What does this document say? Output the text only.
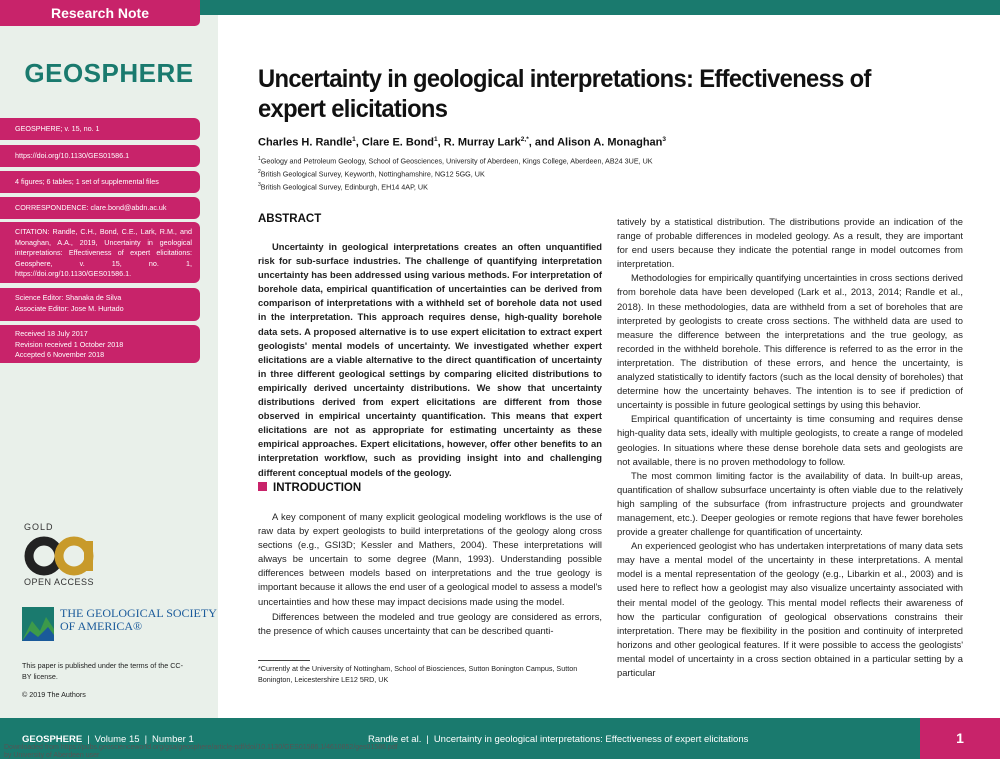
Research Note
GEOSPHERE
GEOSPHERE; v. 15, no. 1
https://doi.org/10.1130/GES01586.1
4 figures; 6 tables; 1 set of supplemental files
CORRESPONDENCE: clare.bond@abdn.ac.uk
CITATION: Randle, C.H., Bond, C.E., Lark, R.M., and Monaghan, A.A., 2019, Uncertainty in geological interpretations: Effectiveness of expert elicitations: Geosphere, v. 15, no. 1, https://doi.org/10.1130/GES01586.1.
Science Editor: Shanaka de Silva
Associate Editor: Jose M. Hurtado
Received 18 July 2017
Revision received 1 October 2018
Accepted 6 November 2018
GOLD
OPEN ACCESS
THE GEOLOGICAL SOCIETY
OF AMERICA®
This paper is published under the terms of the CC-BY license.
© 2019 The Authors
Uncertainty in geological interpretations: Effectiveness of expert elicitations
Charles H. Randle$^1$, Clare E. Bond$^1$, R. Murray Lark$^{2,*}$, and Alison A. Monaghan$^3$
$^1$Geology and Petroleum Geology, School of Geosciences, University of Aberdeen, Kings College, Aberdeen, AB24 3UE, UK
$^2$British Geological Survey, Keyworth, Nottinghamshire, NG12 5GG, UK
$^3$British Geological Survey, Edinburgh, EH14 4AP, UK
ABSTRACT

Uncertainty in geological interpretations creates an often unquantified risk for sub-surface industries. The challenge of quantifying interpretation uncertainty has been addressed using various methods. For interpretation of borehole data, empirical quantification of uncertainties can be derived from comparison of interpretations with a withheld set of borehole data not used in the interpretation. This approach requires dense, high-quality borehole data sets. A proposed alternative is to use expert elicitation to extract expert geologists' mental models of uncertainty. We investigated whether expert elicitations are a viable alternative to the direct quantification of uncertainty in three different geological settings by comparing elicited distributions to empirically derived uncertainty distributions. We show that uncertainty distributions derived from expert elicitations are different from those observed in empirical uncertainty quantification. This means that expert elicitations are not as appropriate for estimating uncertainty as these empirical approaches. Expert elicitations, however, offer other benefits to an interpretation workflow, such as providing insight into and challenging different conceptual models of the geology.

INTRODUCTION

A key component of many explicit geological modeling workflows is the use of raw data by expert geologists to build interpretations of the geology along cross sections (e.g., GSI3D; Kessler and Mathers, 2004). These interpretations will always be uncertain to some degree (Mann, 1993). Understanding possible differences between models based on interpretations and the true geology is important because it allows the end user of a geological model to assess a model's uncertainties and how these may impact decisions made using the model.

Differences between the modeled and true geology are considered as errors, the presence of which causes uncertainty that can be described quanti-

*Currently at the University of Nottingham, School of Biosciences, Sutton Bonington Campus, Sutton Bonington, Leicestershire LE12 5RD, UK

tatively by a statistical distribution. The distributions provide an indication of the range of probable differences in modeled geology. As a result, they are important for end users because they indicate the potential range in model outcomes from interpretation.

Methodologies for empirically quantifying uncertainties in cross sections derived from borehole data have been developed (Lark et al., 2013, 2014; Randle et al., 2018). In these methodologies, data are withheld from a set of boreholes that are interpreted by geologists to create cross sections. The withheld data are used to measure the difference between the interpretations and the true geology, as recorded in the withheld borehole. This difference is referred to as the error in the interpretation. The distribution of these errors, and hence the uncertainty, is analyzed statistically to identify factors (such as the local density of boreholes) that determine how the uncertainty behaves. The intention is to see if prediction of uncertainty is possible in future geological settings by using this behavior.

Empirical quantification of uncertainty is time consuming and requires dense high-quality data sets, ideally with multiple geologists, to create a range of modeled geologies. In situations where these dense borehole data sets and geologists are not available, there is no proven methodology to follow.

The most common limiting factor is the availability of data. In built-up areas, quantification of shallow subsurface uncertainty is often viable due to the relatively high sampling of the subsurface (from infrastructure projects and groundwater management, etc.). Deeper geologies or remote regions that have fewer boreholes provide a greater challenge for quantification of uncertainty.

An experienced geologist who has undertaken interpretations of many data sets may have a mental model of the uncertainty in these interpretations. A mental model is a mental representation of the geology (e.g., Libarkin et al., 2003) and is used here to reflect how a geologist may also visualize uncertainty associated with their mental model of the geology. This mental model reflects their awareness of how the particular configuration of geological observations constrains their interpretation. There may be flexibility in the position and continuity of interpreted horizons and other geological features. If it were possible to access the geologists' mental model of uncertainty in a cross section obtained in a particular setting by a particular

GEOSPHERE | Volume 15 | Number 1	Randle et al. | Uncertainty in geological interpretations: Effectiveness of expert elicitations	1
Downloaded from https://pubs.geoscienceworld.org/gsa/geosphere/article-pdf/doi/10.1130/GES01586.1/4610852/ges01586.pdf
by University of Aberdeen user
